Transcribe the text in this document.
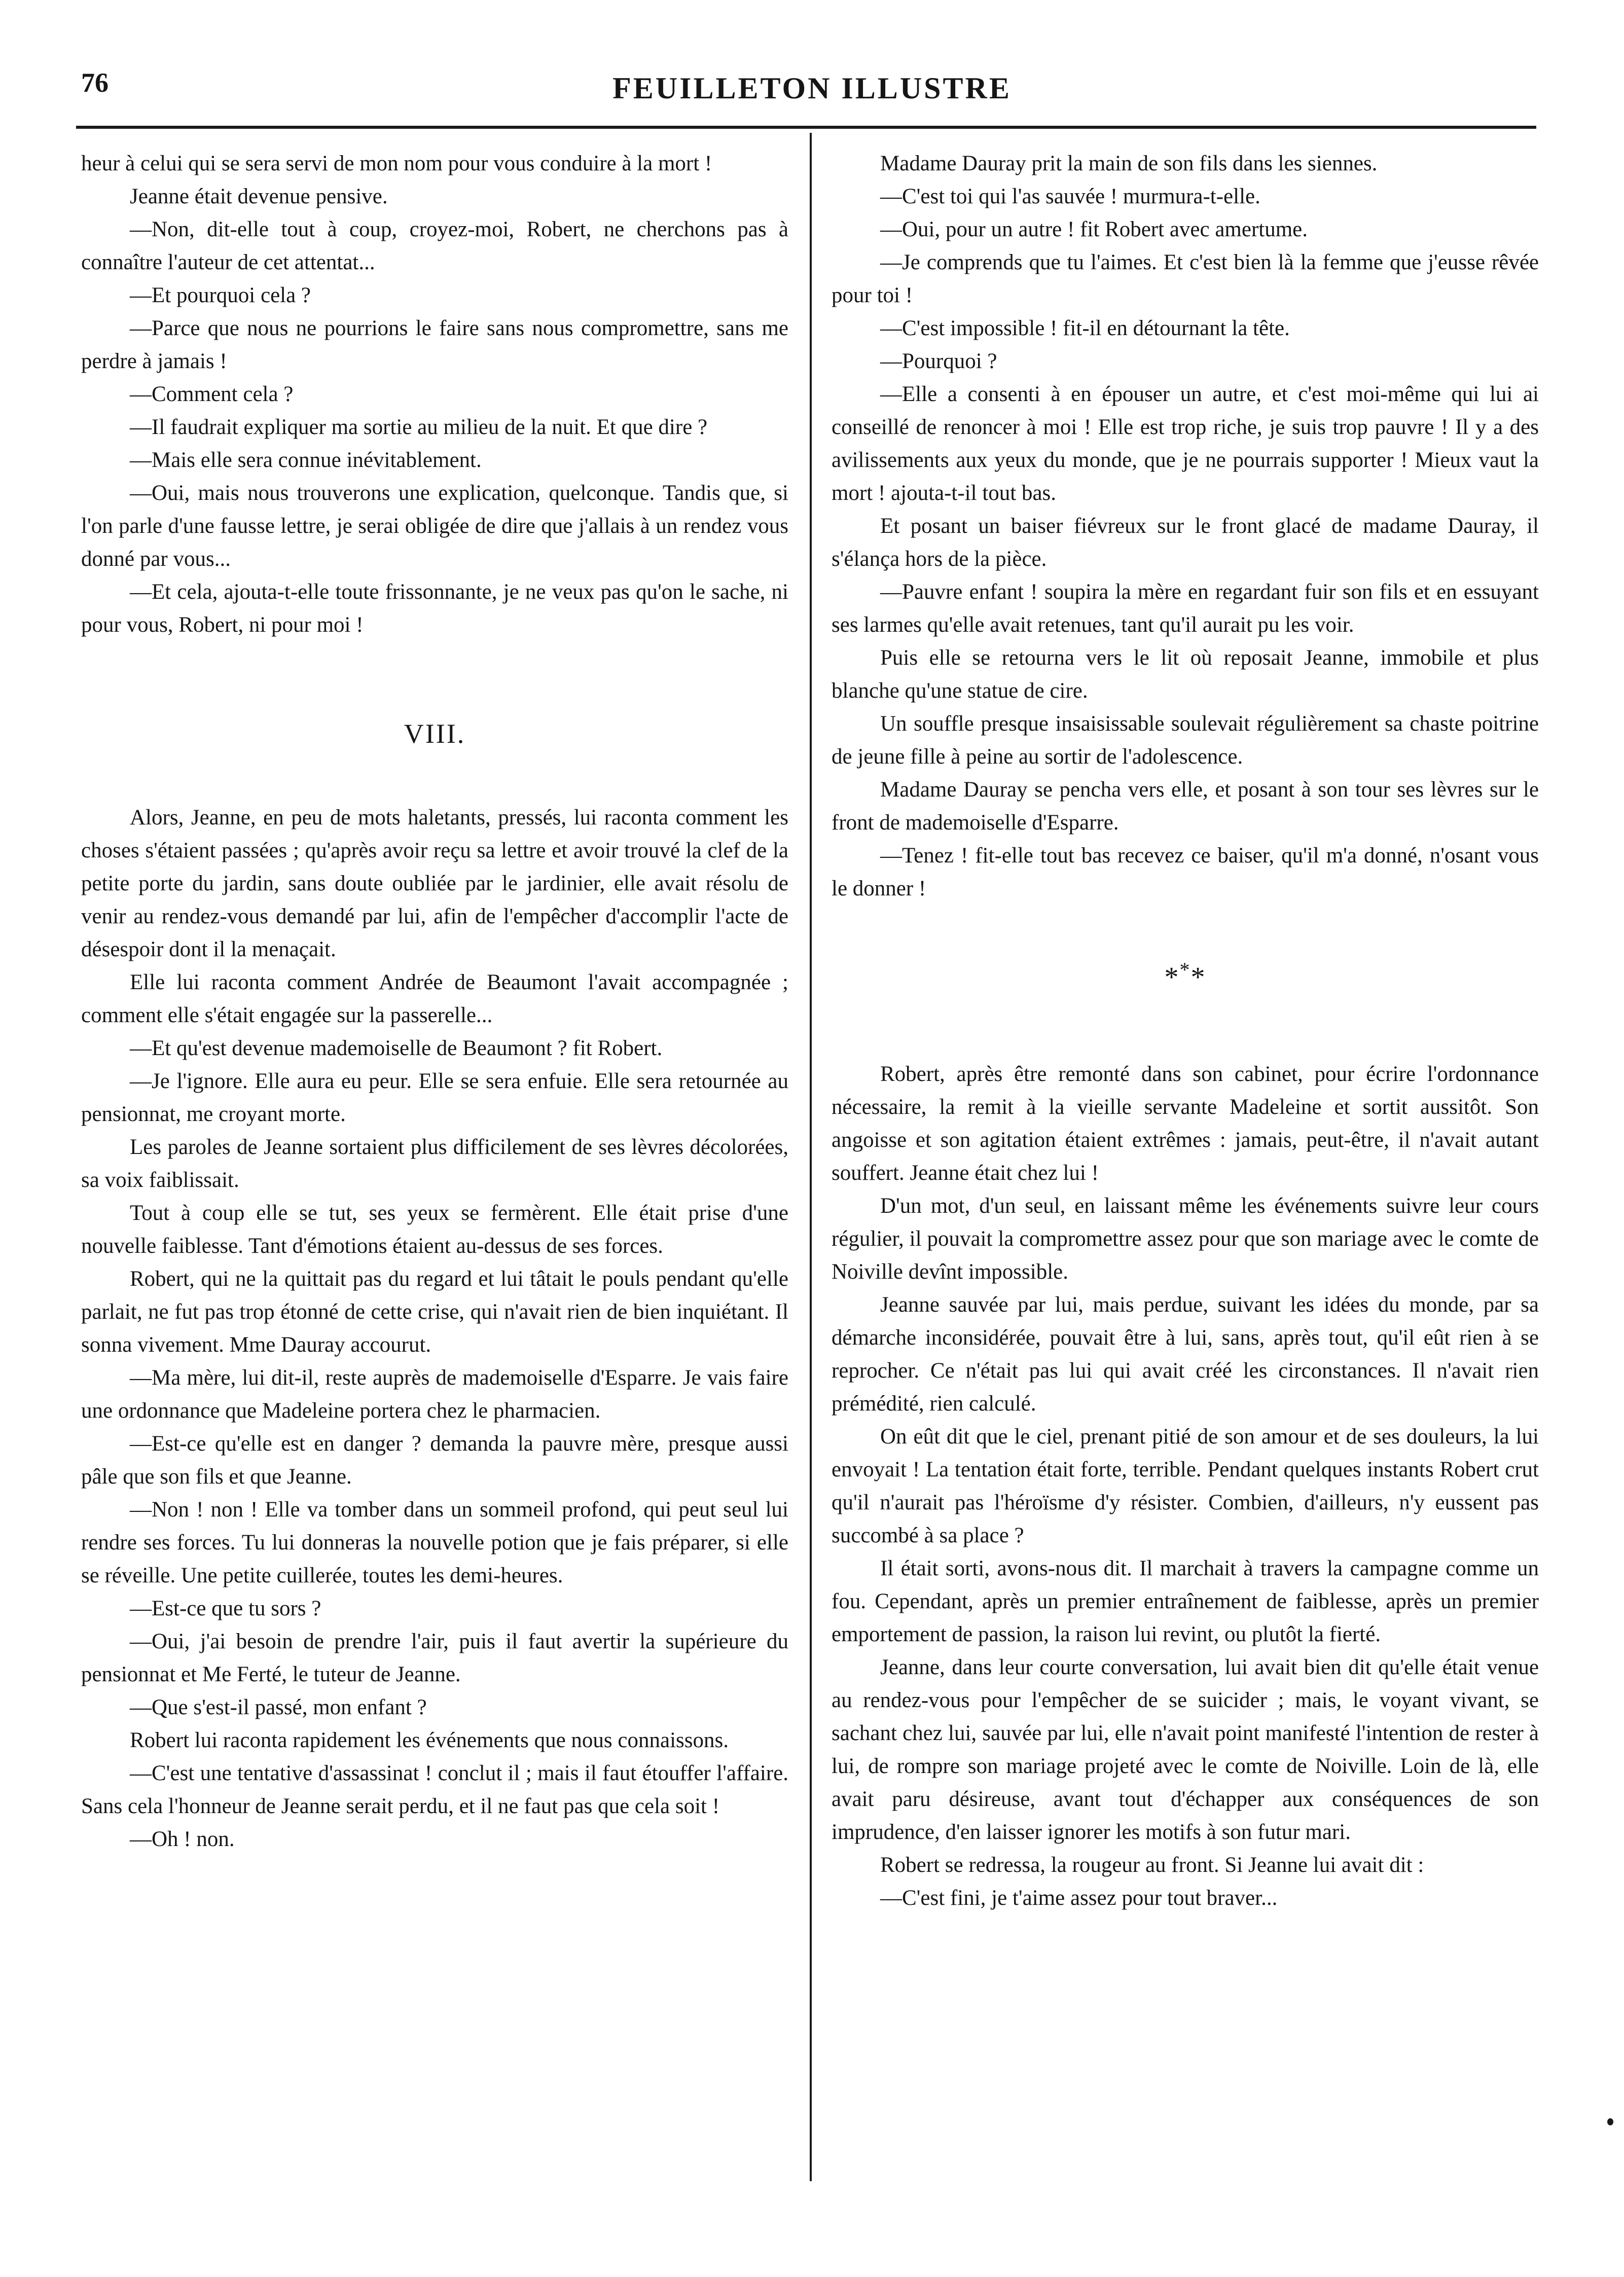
76	FEUILLETON ILLUSTRE

heur à celui qui se sera servi de mon nom pour vous conduire à la mort !

Jeanne était devenue pensive.

—Non, dit-elle tout à coup, croyez-moi, Robert, ne cherchons pas à connaître l'auteur de cet attentat...

—Et pourquoi cela ?

—Parce que nous ne pourrions le faire sans nous compromettre, sans me perdre à jamais !

—Comment cela ?

—Il faudrait expliquer ma sortie au milieu de la nuit. Et que dire ?

—Mais elle sera connue inévitablement.

—Oui, mais nous trouverons une explication, quelconque. Tandis que, si l'on parle d'une fausse lettre, je serai obligée de dire que j'allais à un rendez vous donné par vous...

—Et cela, ajouta-t-elle toute frissonnante, je ne veux pas qu'on le sache, ni pour vous, Robert, ni pour moi !

VIII.

Alors, Jeanne, en peu de mots haletants, pressés, lui raconta comment les choses s'étaient passées ; qu'après avoir reçu sa lettre et avoir trouvé la clef de la petite porte du jardin, sans doute oubliée par le jardinier, elle avait résolu de venir au rendez-vous demandé par lui, afin de l'empêcher d'accomplir l'acte de désespoir dont il la menaçait.

Elle lui raconta comment Andrée de Beaumont l'avait accompagnée ; comment elle s'était engagée sur la passerelle...

—Et qu'est devenue mademoiselle de Beaumont ? fit Robert.

—Je l'ignore. Elle aura eu peur. Elle se sera enfuie. Elle sera retournée au pensionnat, me croyant morte.

Les paroles de Jeanne sortaient plus difficilement de ses lèvres décolorées, sa voix faiblissait.

Tout à coup elle se tut, ses yeux se fermèrent. Elle était prise d'une nouvelle faiblesse. Tant d'émotions étaient au-dessus de ses forces.

Robert, qui ne la quittait pas du regard et lui tâtait le pouls pendant qu'elle parlait, ne fut pas trop étonné de cette crise, qui n'avait rien de bien inquiétant. Il sonna vivement. Mme Dauray accourut.

—Ma mère, lui dit-il, reste auprès de mademoiselle d'Esparre. Je vais faire une ordonnance que Madeleine portera chez le pharmacien.

—Est-ce qu'elle est en danger ? demanda la pauvre mère, presque aussi pâle que son fils et que Jeanne.

—Non ! non ! Elle va tomber dans un sommeil profond, qui peut seul lui rendre ses forces. Tu lui donneras la nouvelle potion que je fais préparer, si elle se réveille. Une petite cuillerée, toutes les demi-heures.

—Est-ce que tu sors ?

—Oui, j'ai besoin de prendre l'air, puis il faut avertir la supérieure du pensionnat et Me Ferté, le tuteur de Jeanne.

—Que s'est-il passé, mon enfant ?

Robert lui raconta rapidement les événements que nous connaissons.

—C'est une tentative d'assassinat ! conclut il ; mais il faut étouffer l'affaire. Sans cela l'honneur de Jeanne serait perdu, et il ne faut pas que cela soit !

—Oh ! non.

Madame Dauray prit la main de son fils dans les siennes.

—C'est toi qui l'as sauvée ! murmura-t-elle.

—Oui, pour un autre ! fit Robert avec amertume.

—Je comprends que tu l'aimes. Et c'est bien là la femme que j'eusse rêvée pour toi !

—C'est impossible ! fit-il en détournant la tête.

—Pourquoi ?

—Elle a consenti à en épouser un autre, et c'est moi-même qui lui ai conseillé de renoncer à moi ! Elle est trop riche, je suis trop pauvre ! Il y a des avilissements aux yeux du monde, que je ne pourrais supporter ! Mieux vaut la mort ! ajouta-t-il tout bas.

Et posant un baiser fiévreux sur le front glacé de madame Dauray, il s'élança hors de la pièce.

—Pauvre enfant ! soupira la mère en regardant fuir son fils et en essuyant ses larmes qu'elle avait retenues, tant qu'il aurait pu les voir.

Puis elle se retourna vers le lit où reposait Jeanne, immobile et plus blanche qu'une statue de cire.

Un souffle presque insaisissable soulevait régulièrement sa chaste poitrine de jeune fille à peine au sortir de l'adolescence.

Madame Dauray se pencha vers elle, et posant à son tour ses lèvres sur le front de mademoiselle d'Esparre.

—Tenez ! fit-elle tout bas recevez ce baiser, qu'il m'a donné, n'osant vous le donner !

***

Robert, après être remonté dans son cabinet, pour écrire l'ordonnance nécessaire, la remit à la vieille servante Madeleine et sortit aussitôt. Son angoisse et son agitation étaient extrêmes : jamais, peut-être, il n'avait autant souffert. Jeanne était chez lui !

D'un mot, d'un seul, en laissant même les événements suivre leur cours régulier, il pouvait la compromettre assez pour que son mariage avec le comte de Noiville devînt impossible.

Jeanne sauvée par lui, mais perdue, suivant les idées du monde, par sa démarche inconsidérée, pouvait être à lui, sans, après tout, qu'il eût rien à se reprocher. Ce n'était pas lui qui avait créé les circonstances. Il n'avait rien prémédité, rien calculé.

On eût dit que le ciel, prenant pitié de son amour et de ses douleurs, la lui envoyait ! La tentation était forte, terrible. Pendant quelques instants Robert crut qu'il n'aurait pas l'héroïsme d'y résister. Combien, d'ailleurs, n'y eussent pas succombé à sa place ?

Il était sorti, avons-nous dit. Il marchait à travers la campagne comme un fou. Cependant, après un premier entraînement de faiblesse, après un premier emportement de passion, la raison lui revint, ou plutôt la fierté.

Jeanne, dans leur courte conversation, lui avait bien dit qu'elle était venue au rendez-vous pour l'empêcher de se suicider ; mais, le voyant vivant, se sachant chez lui, sauvée par lui, elle n'avait point manifesté l'intention de rester à lui, de rompre son mariage projeté avec le comte de Noiville. Loin de là, elle avait paru désireuse, avant tout d'échapper aux conséquences de son imprudence, d'en laisser ignorer les motifs à son futur mari.

Robert se redressa, la rougeur au front. Si Jeanne lui avait dit :

—C'est fini, je t'aime assez pour tout braver...
